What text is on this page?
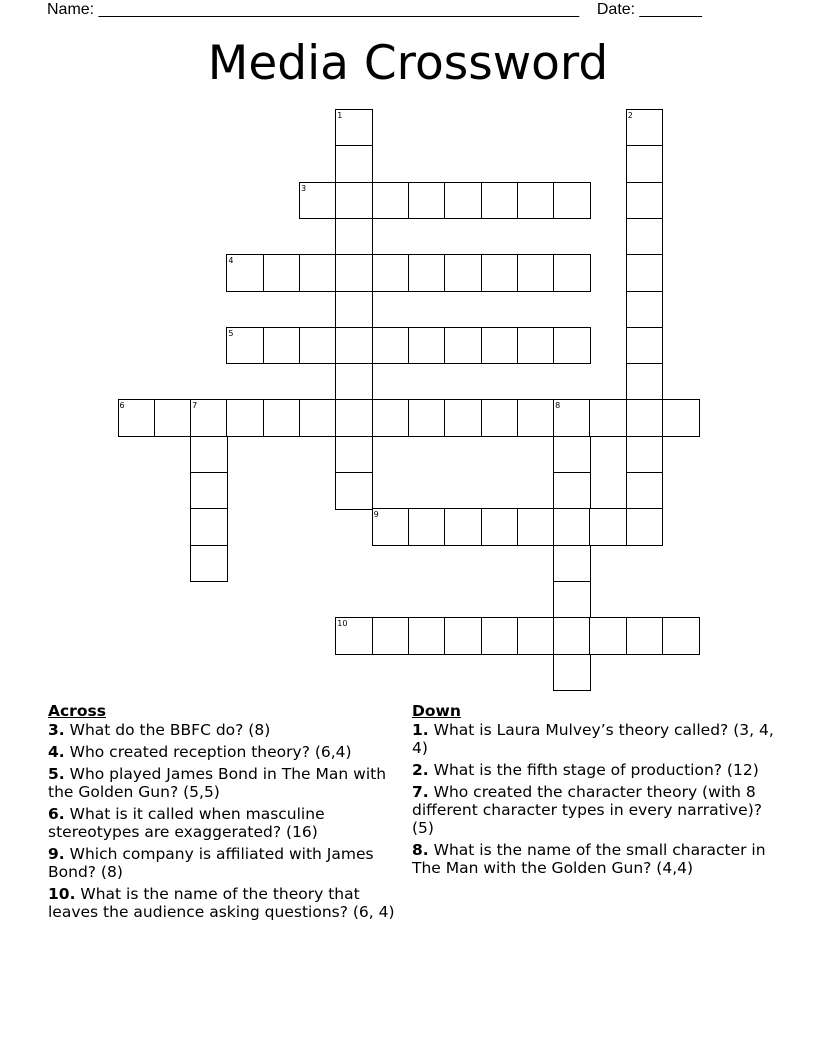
Name: ______________________________________________________    Date: _______
Media Crossword
1	2
3
4
5
6	7	8
9
10
Across
3. What do the BBFC do? (8)
4. Who created reception theory? (6,4)
5. Who played James Bond in The Man with the Golden Gun? (5,5)
6. What is it called when masculine stereotypes are exaggerated? (16)
9. Which company is affiliated with James Bond? (8)
10. What is the name of the theory that leaves the audience asking questions? (6, 4)
Down
1. What is Laura Mulvey’s theory called? (3, 4, 4)
2. What is the fifth stage of production? (12)
7. Who created the character theory (with 8 different character types in every narrative)? (5)
8. What is the name of the small character in The Man with the Golden Gun? (4,4)
